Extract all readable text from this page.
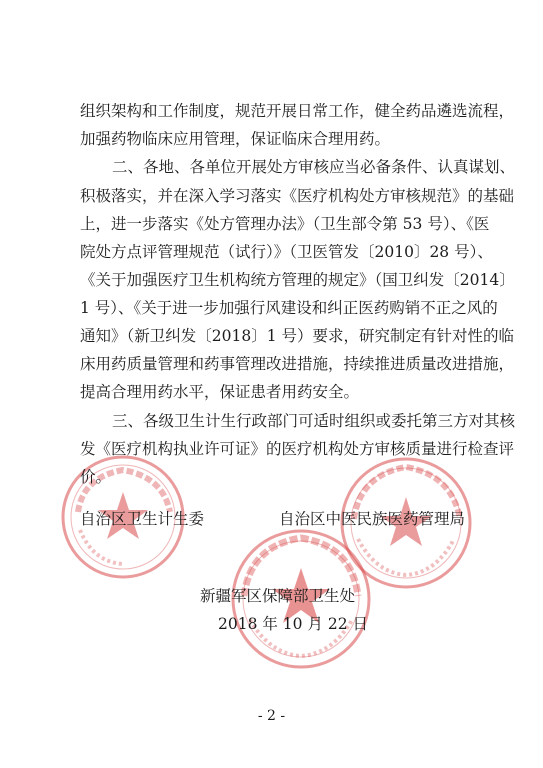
组织架构和工作制度，规范开展日常工作，健全药品遴选流程，
加强药物临床应用管理，保证临床合理用药。
二、各地、各单位开展处方审核应当必备条件、认真谋划、
积极落实，并在深入学习落实《医疗机构处方审核规范》的基础
上，进一步落实《处方管理办法》（卫生部令第 53 号）、《医
院处方点评管理规范（试行）》（卫医管发〔2010〕28 号）、
《关于加强医疗卫生机构统方管理的规定》（国卫纠发〔2014〕
1 号）、《关于进一步加强行风建设和纠正医药购销不正之风的
通知》（新卫纠发〔2018〕1 号）要求，研究制定有针对性的临
床用药质量管理和药事管理改进措施，持续推进质量改进措施，
提高合理用药水平，保证患者用药安全。
三、各级卫生计生行政部门可适时组织或委托第三方对其核
发《医疗机构执业许可证》的医疗机构处方审核质量进行检查评
价。
自治区卫生计生委	自治区中医民族医药管理局
新疆军区保障部卫生处
2018 年 10 月 22 日
- 2 -
